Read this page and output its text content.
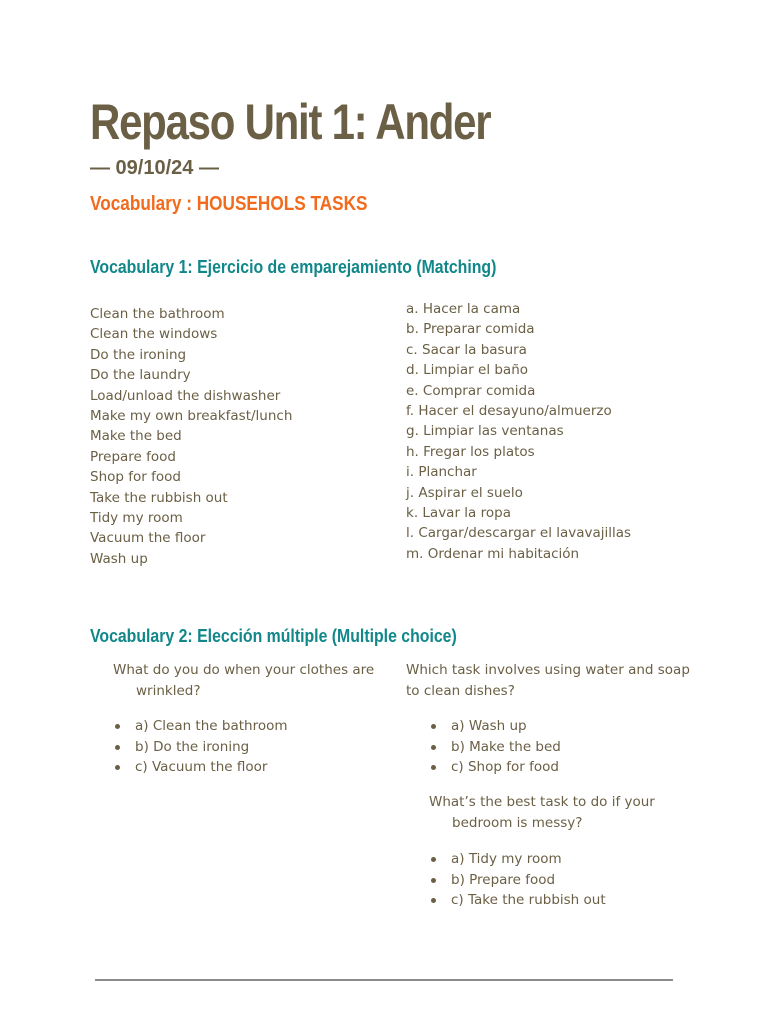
Repaso Unit 1: Ander
— 09/10/24 —
Vocabulary : HOUSEHOLS TASKS
Vocabulary 1: Ejercicio de emparejamiento (Matching)
Clean the bathroom
Clean the windows
Do the ironing
Do the laundry
Load/unload the dishwasher
Make my own breakfast/lunch
Make the bed
Prepare food
Shop for food
Take the rubbish out
Tidy my room
Vacuum the floor
Wash up
a. Hacer la cama
b. Preparar comida
c. Sacar la basura
d. Limpiar el baño
e. Comprar comida
f. Hacer el desayuno/almuerzo
g. Limpiar las ventanas
h. Fregar los platos
i. Planchar
j. Aspirar el suelo
k. Lavar la ropa
l. Cargar/descargar el lavavajillas
m. Ordenar mi habitación
Vocabulary 2: Elección múltiple (Multiple choice)
What do you do when your clothes are
wrinkled?
a) Clean the bathroom
b) Do the ironing
c) Vacuum the floor
Which task involves using water and soap
to clean dishes?
a) Wash up
b) Make the bed
c) Shop for food
What’s the best task to do if your
bedroom is messy?
a) Tidy my room
b) Prepare food
c) Take the rubbish out
